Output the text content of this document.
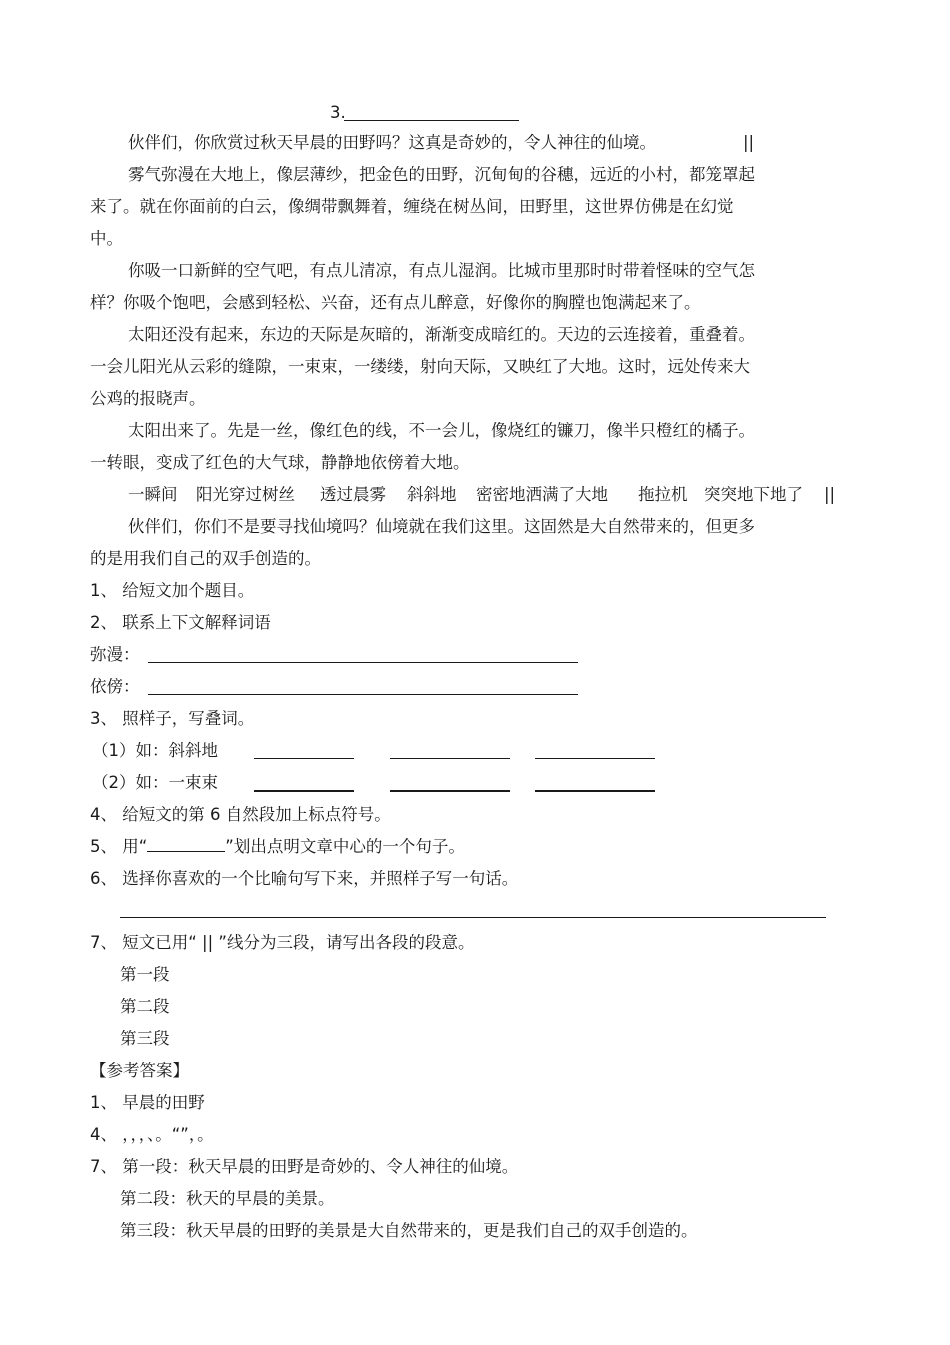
3.
伙伴们，你欣赏过秋天早晨的田野吗？这真是奇妙的，令人神往的仙境。	||
雾气弥漫在大地上，像层薄纱，把金色的田野，沉甸甸的谷穗，远近的小村，都笼罩起
来了。就在你面前的白云，像绸带飘舞着，缠绕在树丛间，田野里，这世界仿佛是在幻觉
中。
你吸一口新鲜的空气吧，有点儿清凉，有点儿湿润。比城市里那时时带着怪味的空气怎
样？你吸个饱吧，会感到轻松、兴奋，还有点儿醉意，好像你的胸膛也饱满起来了。
太阳还没有起来，东边的天际是灰暗的，渐渐变成暗红的。天边的云连接着，重叠着。
一会儿阳光从云彩的缝隙，一束束，一缕缕，射向天际，又映红了大地。这时，远处传来大
公鸡的报晓声。
太阳出来了。先是一丝，像红色的线，不一会儿，像烧红的镰刀，像半只橙红的橘子。
一转眼，变成了红色的大气球，静静地依傍着大地。
一瞬间 阳光穿过树丝 透过晨雾 斜斜地 密密地洒满了大地 拖拉机 突突地下地了 ||
伙伴们，你们不是要寻找仙境吗？仙境就在我们这里。这固然是大自然带来的，但更多
的是用我们自己的双手创造的。
1、 给短文加个题目。
2、 联系上下文解释词语
弥漫：
依傍：
3、 照样子，写叠词。
（1）如：斜斜地
（2）如：一束束
4、 给短文的第 6 自然段加上标点符号。
5、 用“	”划出点明文章中心的一个句子。
6、 选择你喜欢的一个比喻句写下来，并照样子写一句话。
7、 短文已用“ || ”线分为三段，请写出各段的段意。
第一段
第二段
第三段
【参考答案】
1、 早晨的田野
4、 ，，，、。“”，。
7、 第一段：秋天早晨的田野是奇妙的、令人神往的仙境。
第二段：秋天的早晨的美景。
第三段：秋天早晨的田野的美景是大自然带来的，更是我们自己的双手创造的。
